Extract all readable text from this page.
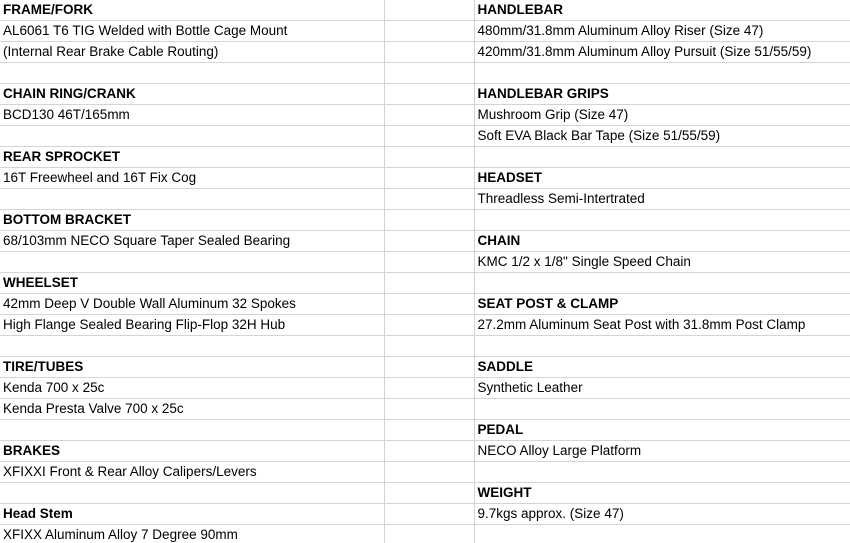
FRAME/FORK		HANDLEBAR
AL6061 T6 TIG Welded with Bottle Cage Mount		480mm/31.8mm Aluminum Alloy Riser (Size 47)
(Internal Rear Brake Cable Routing)		420mm/31.8mm Aluminum Alloy Pursuit (Size 51/55/59)

CHAIN RING/CRANK		HANDLEBAR GRIPS
BCD130 46T/165mm		Mushroom Grip (Size 47)
		Soft EVA Black Bar Tape (Size 51/55/59)
REAR SPROCKET		
16T Freewheel and 16T Fix Cog		HEADSET
		Threadless Semi-Intertrated
BOTTOM BRACKET		
68/103mm NECO Square Taper Sealed Bearing		CHAIN
		KMC 1/2 x 1/8" Single Speed Chain
WHEELSET		
42mm Deep V Double Wall Aluminum 32 Spokes		SEAT POST & CLAMP
High Flange Sealed Bearing Flip-Flop 32H Hub		27.2mm Aluminum Seat Post with 31.8mm Post Clamp

TIRE/TUBES		SADDLE
Kenda 700 x 25c		Synthetic Leather
Kenda Presta Valve 700 x 25c		
		PEDAL
BRAKES		NECO Alloy Large Platform
XFIXXI Front & Rear Alloy Calipers/Levers		
		WEIGHT
Head Stem		9.7kgs approx. (Size 47)
XFIXX Aluminum Alloy 7 Degree 90mm		
